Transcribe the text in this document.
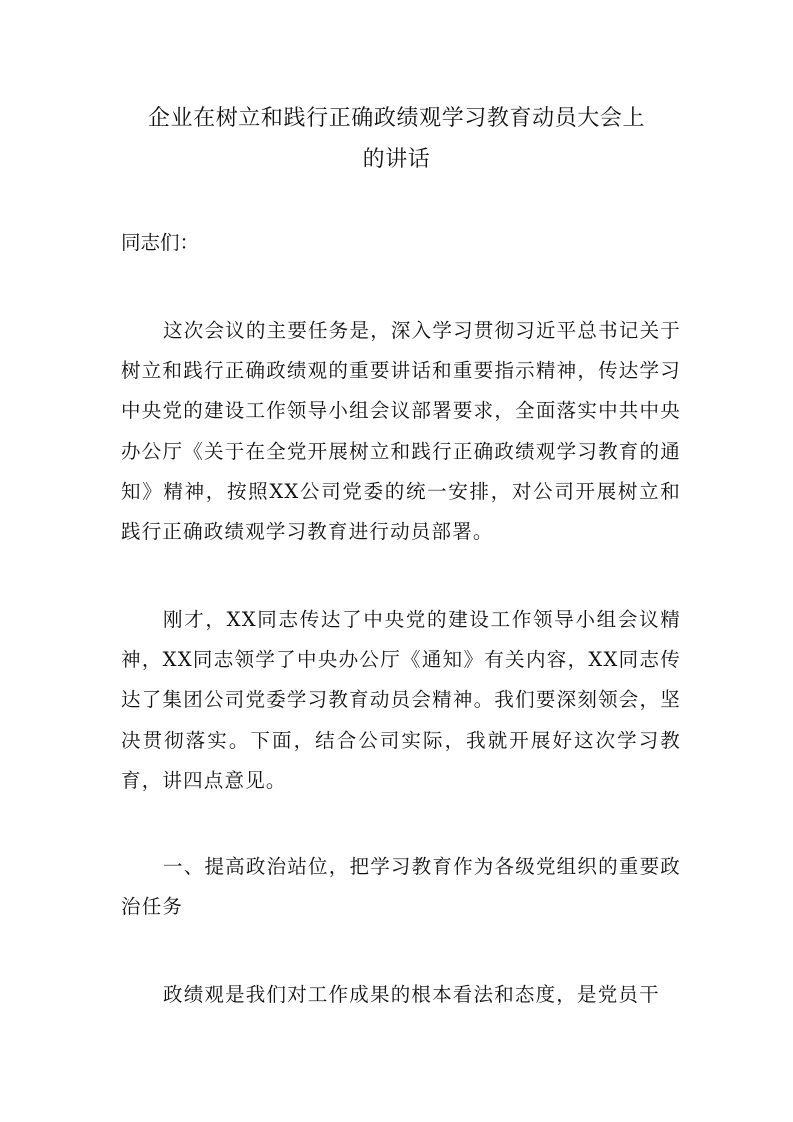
企业在树立和践行正确政绩观学习教育动员大会上
的讲话
同志们：

这次会议的主要任务是，深入学习贯彻习近平总书记关于树立和践行正确政绩观的重要讲话和重要指示精神，传达学习中央党的建设工作领导小组会议部署要求，全面落实中共中央办公厅《关于在全党开展树立和践行正确政绩观学习教育的通知》精神，按照XX公司党委的统一安排，对公司开展树立和践行正确政绩观学习教育进行动员部署。

刚才，XX同志传达了中央党的建设工作领导小组会议精神，XX同志领学了中央办公厅《通知》有关内容，XX同志传达了集团公司党委学习教育动员会精神。我们要深刻领会，坚决贯彻落实。下面，结合公司实际，我就开展好这次学习教育，讲四点意见。

一、提高政治站位，把学习教育作为各级党组织的重要政治任务

政绩观是我们对工作成果的根本看法和态度，是党员干
